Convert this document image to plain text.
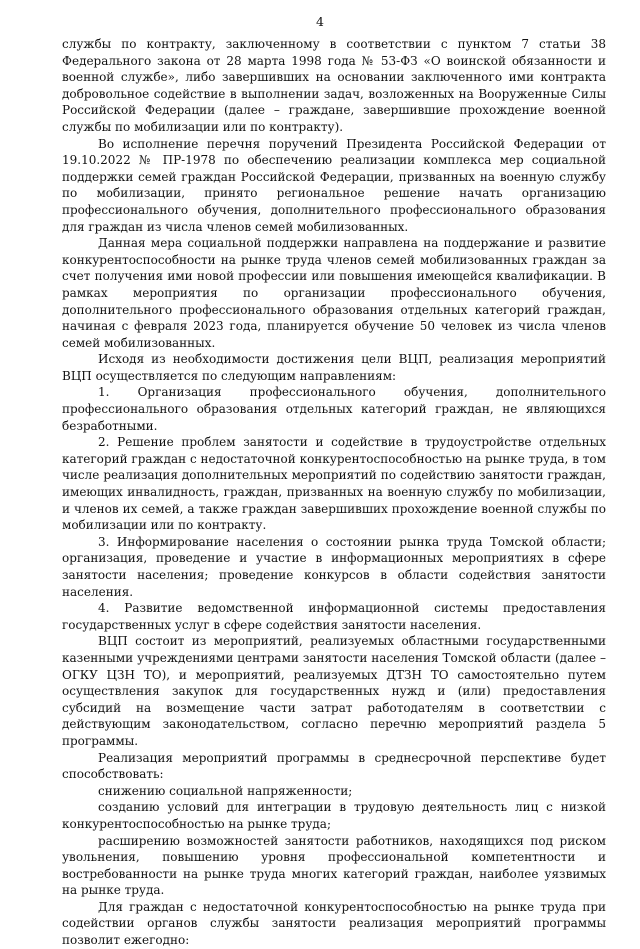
4

службы по контракту, заключенному в соответствии с пунктом 7 статьи 38 Федерального закона от 28 марта 1998 года № 53-ФЗ «О воинской обязанности и военной службе», либо завершивших на основании заключенного ими контракта добровольное содействие в выполнении задач, возложенных на Вооруженные Силы Российской Федерации (далее – граждане, завершившие прохождение военной службы по мобилизации или по контракту).

Во исполнение перечня поручений Президента Российской Федерации от 19.10.2022 № ПР-1978 по обеспечению реализации комплекса мер социальной поддержки семей граждан Российской Федерации, призванных на военную службу по мобилизации, принято региональное решение начать организацию профессионального обучения, дополнительного профессионального образования для граждан из числа членов семей мобилизованных.

Данная мера социальной поддержки направлена на поддержание и развитие конкурентоспособности на рынке труда членов семей мобилизованных граждан за счет получения ими новой профессии или повышения имеющейся квалификации. В рамках мероприятия по организации профессионального обучения, дополнительного профессионального образования отдельных категорий граждан, начиная с февраля 2023 года, планируется обучение 50 человек из числа членов семей мобилизованных.

Исходя из необходимости достижения цели ВЦП, реализация мероприятий ВЦП осуществляется по следующим направлениям:

1. Организация профессионального обучения, дополнительного профессионального образования отдельных категорий граждан, не являющихся безработными.

2. Решение проблем занятости и содействие в трудоустройстве отдельных категорий граждан с недостаточной конкурентоспособностью на рынке труда, в том числе реализация дополнительных мероприятий по содействию занятости граждан, имеющих инвалидность, граждан, призванных на военную службу по мобилизации, и членов их семей, а также граждан завершивших прохождение военной службы по мобилизации или по контракту.

3. Информирование населения о состоянии рынка труда Томской области; организация, проведение и участие в информационных мероприятиях в сфере занятости населения; проведение конкурсов в области содействия занятости населения.

4. Развитие ведомственной информационной системы предоставления государственных услуг в сфере содействия занятости населения.

ВЦП состоит из мероприятий, реализуемых областными государственными казенными учреждениями центрами занятости населения Томской области (далее – ОГКУ ЦЗН ТО), и мероприятий, реализуемых ДТЗН ТО самостоятельно путем осуществления закупок для государственных нужд и (или) предоставления субсидий на возмещение части затрат работодателям в соответствии с действующим законодательством, согласно перечню мероприятий раздела 5 программы.

Реализация мероприятий программы в среднесрочной перспективе будет способствовать:

снижению социальной напряженности;

созданию условий для интеграции в трудовую деятельность лиц с низкой конкурентоспособностью на рынке труда;

расширению возможностей занятости работников, находящихся под риском увольнения, повышению уровня профессиональной компетентности и востребованности на рынке труда многих категорий граждан, наиболее уязвимых на рынке труда.

Для граждан с недостаточной конкурентоспособностью на рынке труда при содействии органов службы занятости реализация мероприятий программы позволит ежегодно:
